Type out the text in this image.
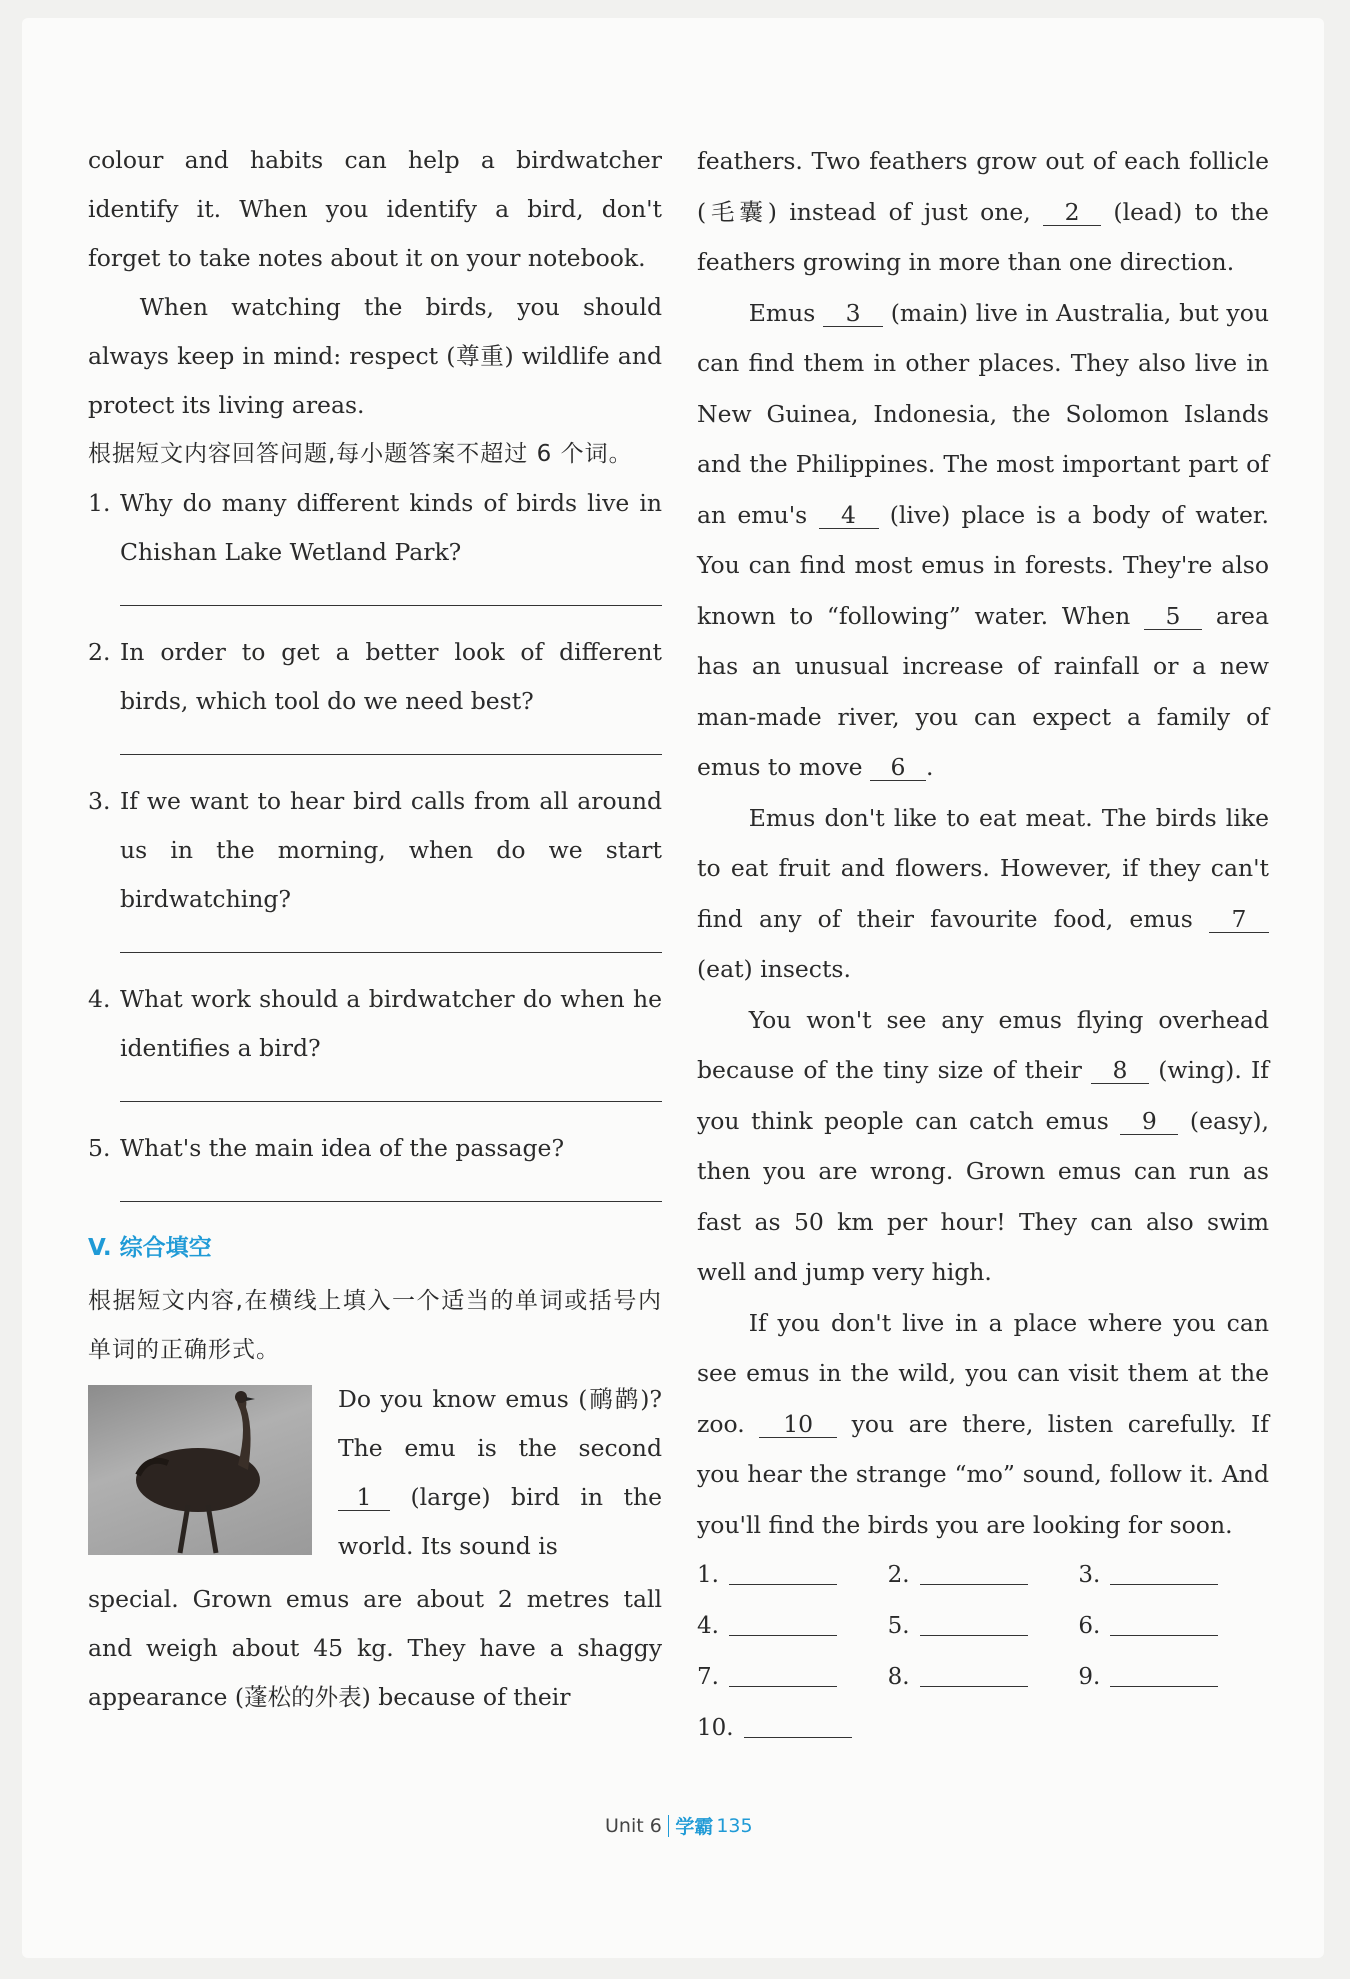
colour and habits can help a birdwatcher identify it. When you identify a bird, don't forget to take notes about it on your notebook.

When watching the birds, you should always keep in mind: respect (尊重) wildlife and protect its living areas.

根据短文内容回答问题,每小题答案不超过 6 个词。

1. Why do many different kinds of birds live in Chishan Lake Wetland Park?
2. In order to get a better look of different birds, which tool do we need best?
3. If we want to hear bird calls from all around us in the morning, when do we start birdwatching?
4. What work should a birdwatcher do when he identifies a bird?
5. What's the main idea of the passage?
V. 综合填空

根据短文内容,在横线上填入一个适当的单词或括号内单词的正确形式。

Do you know emus (鸸鹋)? The emu is the second 1 (large) bird in the world. Its sound is

special. Grown emus are about 2 metres tall and weigh about 45 kg. They have a shaggy appearance (蓬松的外表) because of their

feathers. Two feathers grow out of each follicle (毛囊) instead of just one, 2 (lead) to the feathers growing in more than one direction.

Emus 3 (main) live in Australia, but you can find them in other places. They also live in New Guinea, Indonesia, the Solomon Islands and the Philippines. The most important part of an emu's 4 (live) place is a body of water. You can find most emus in forests. They're also known to “following” water. When 5 area has an unusual increase of rainfall or a new man-made river, you can expect a family of emus to move 6 .

Emus don't like to eat meat. The birds like to eat fruit and flowers. However, if they can't find any of their favourite food, emus 7 (eat) insects.

You won't see any emus flying overhead because of the tiny size of their 8 (wing). If you think people can catch emus 9 (easy), then you are wrong. Grown emus can run as fast as 50 km per hour! They can also swim well and jump very high.

If you don't live in a place where you can see emus in the wild, you can visit them at the zoo. 10 you are there, listen carefully. If you hear the strange “mo” sound, follow it. And you'll find the birds you are looking for soon.

1.	2.	3.
4.	5.	6.
7.	8.	9.
10.
Unit 6 学霸 135
